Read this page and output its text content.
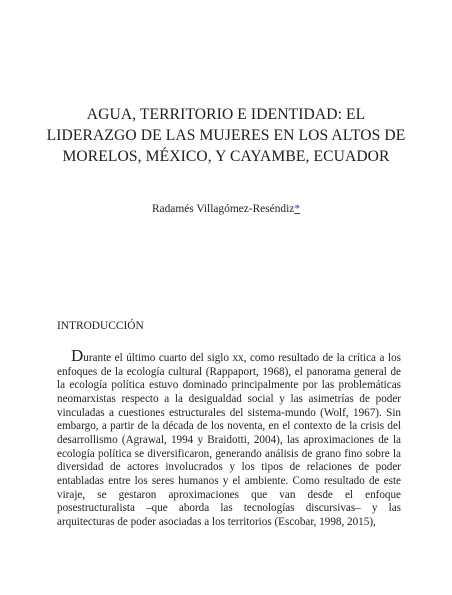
AGUA, TERRITORIO E IDENTIDAD: EL LIDERAZGO DE LAS MUJERES EN LOS ALTOS DE MORELOS, MÉXICO, Y CAYAMBE, ECUADOR
Radamés Villagómez-Reséndiz*
INTRODUCCIÓN
Durante el último cuarto del siglo xx, como resultado de la crítica a los enfoques de la ecología cultural (Rappaport, 1968), el panorama general de la ecología política estuvo dominado principalmente por las problemáticas neomarxistas respecto a la desigualdad social y las asimetrías de poder vinculadas a cuestiones estructurales del sistema-mundo (Wolf, 1967). Sin embargo, a partir de la década de los noventa, en el contexto de la crisis del desarrollismo (Agrawal, 1994 y Braidotti, 2004), las aproximaciones de la ecología política se diversificaron, generando análisis de grano fino sobre la diversidad de actores involucrados y los tipos de relaciones de poder entabladas entre los seres humanos y el ambiente. Como resultado de este viraje, se gestaron aproximaciones que van desde el enfoque posestructuralista –que aborda las tecnologías discursivas– y las arquitecturas de poder asociadas a los territorios (Escobar, 1998, 2015),
